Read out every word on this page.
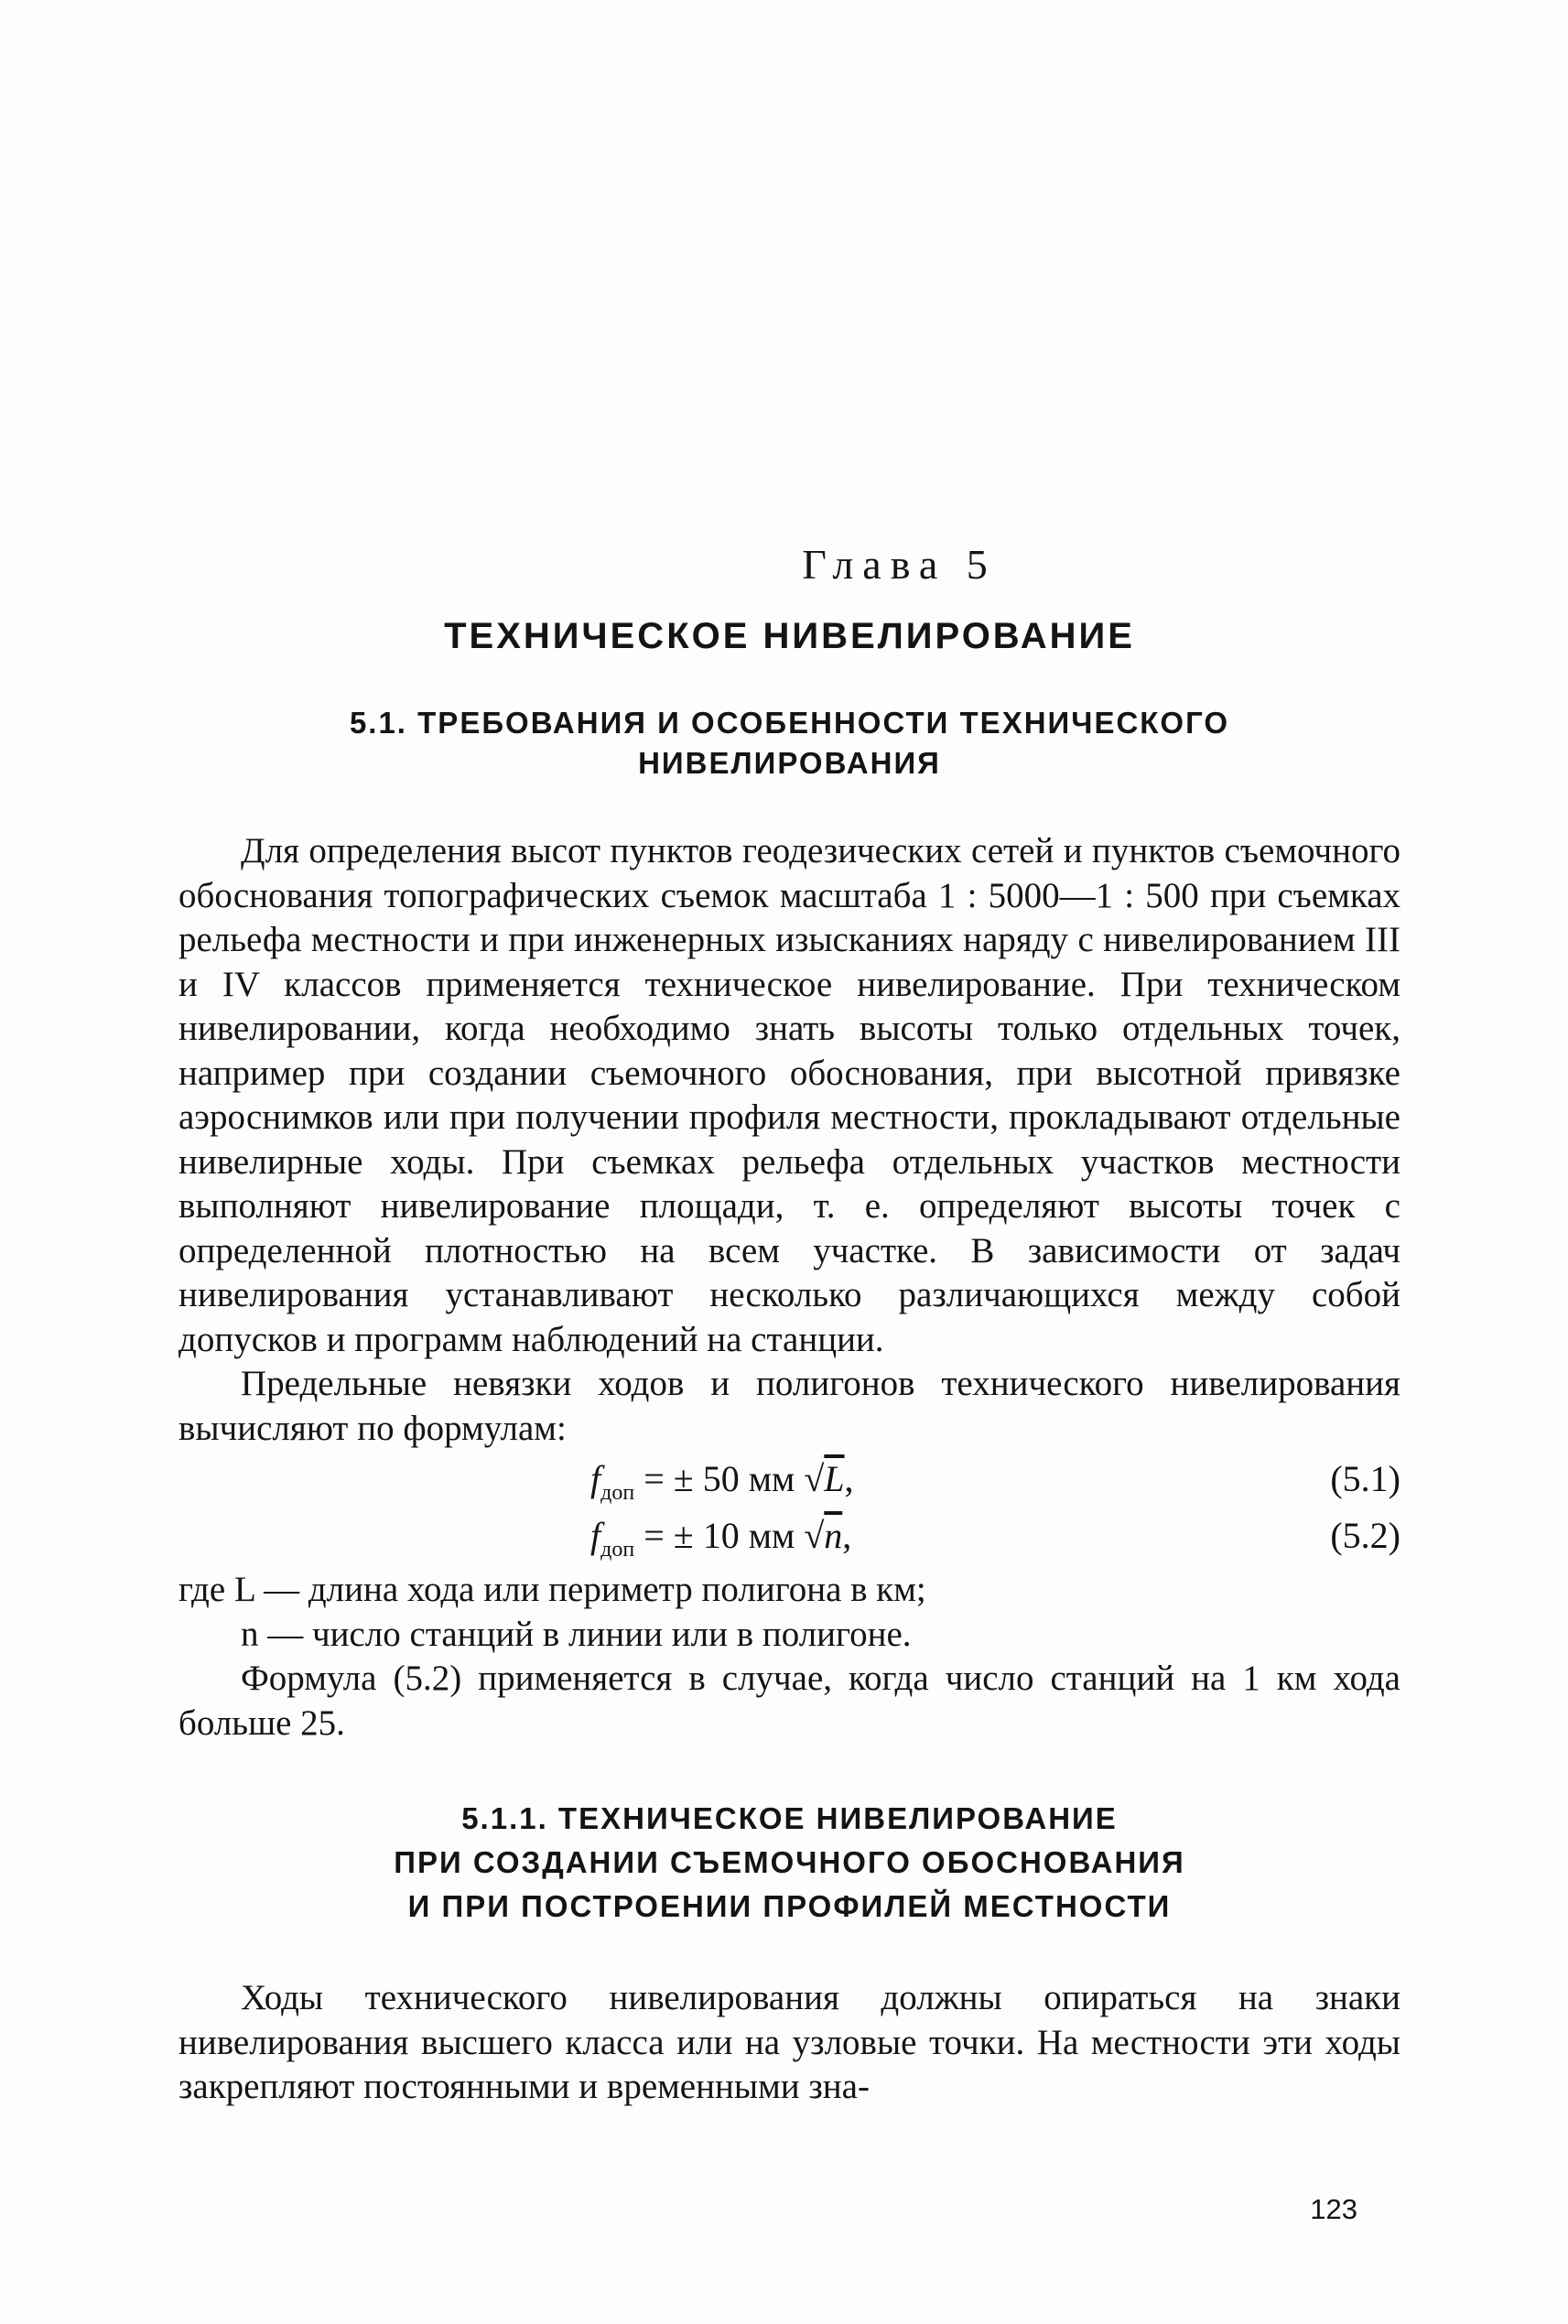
Глава 5
ТЕХНИЧЕСКОЕ НИВЕЛИРОВАНИЕ
5.1. ТРЕБОВАНИЯ И ОСОБЕННОСТИ ТЕХНИЧЕСКОГО
НИВЕЛИРОВАНИЯ

Для определения высот пунктов геодезических сетей и пунктов съемочного обоснования топографических съемок масштаба 1 : 5000—1 : 500 при съемках рельефа местности и при инженерных изысканиях наряду с нивелированием III и IV классов применяется техническое нивелирование. При техническом нивелировании, когда необходимо знать высоты только отдельных точек, например при создании съемочного обоснования, при высотной привязке аэроснимков или при получении профиля местности, прокладывают отдельные нивелирные ходы. При съемках рельефа отдельных участков местности выполняют нивелирование площади, т. е. определяют высоты точек с определенной плотностью на всем участке. В зависимости от задач нивелирования устанавливают несколько различающихся между собой допусков и программ наблюдений на станции.

Предельные невязки ходов и полигонов технического нивелирования вычисляют по формулам:

$f_{доп}$ = ± 50 мм √L,	(5.1)
$f_{доп}$ = ± 10 мм √n,	(5.2)
где L — длина хода или периметр полигона в км;
n — число станций в линии или в полигоне.

Формула (5.2) применяется в случае, когда число станций на 1 км хода больше 25.

5.1.1. ТЕХНИЧЕСКОЕ НИВЕЛИРОВАНИЕ
ПРИ СОЗДАНИИ СЪЕМОЧНОГО ОБОСНОВАНИЯ
И ПРИ ПОСТРОЕНИИ ПРОФИЛЕЙ МЕСТНОСТИ

Ходы технического нивелирования должны опираться на знаки нивелирования высшего класса или на узловые точки. На местности эти ходы закрепляют постоянными и временными зна-

123
